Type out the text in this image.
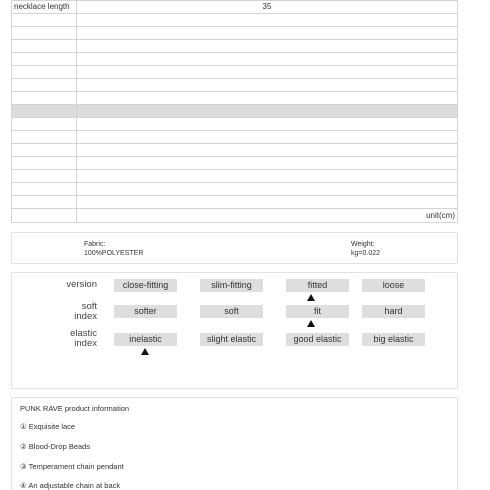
necklace length	35

	unit(cm)
Fabric:
100%POLYESTER
Weight:
kg=0.022
version	close-fitting	slim-fitting	fitted	loose
soft
index	softer	soft	fit	hard
elastic
index	inelastic	slight elastic	good elastic	big elastic
PUNK RAVE product information
① Exquisite lace
② Blood-Drop Beads
③ Temperament chain pendant
④ An adjustable chain at back
